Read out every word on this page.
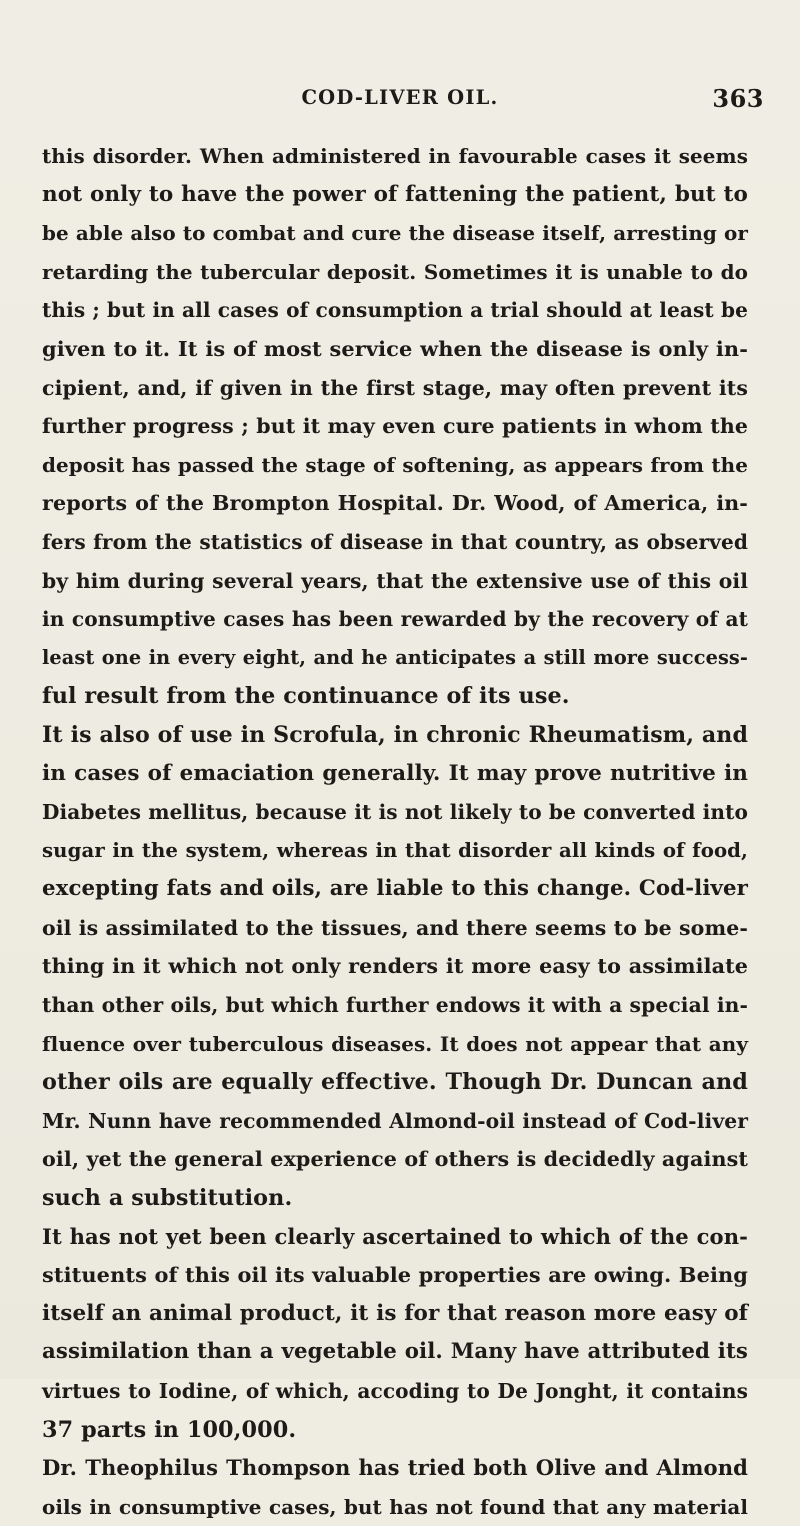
COD-LIVER OIL.	363
this disorder. When administered in favourable cases it seems
not only to have the power of fattening the patient, but to
be able also to combat and cure the disease itself, arresting or
retarding the tubercular deposit. Sometimes it is unable to do
this ; but in all cases of consumption a trial should at least be
given to it. It is of most service when the disease is only in-
cipient, and, if given in the first stage, may often prevent its
further progress ; but it may even cure patients in whom the
deposit has passed the stage of softening, as appears from the
reports of the Brompton Hospital. Dr. Wood, of America, in-
fers from the statistics of disease in that country, as observed
by him during several years, that the extensive use of this oil
in consumptive cases has been rewarded by the recovery of at
least one in every eight, and he anticipates a still more success-
ful result from the continuance of its use.
It is also of use in Scrofula, in chronic Rheumatism, and
in cases of emaciation generally. It may prove nutritive in
Diabetes mellitus, because it is not likely to be converted into
sugar in the system, whereas in that disorder all kinds of food,
excepting fats and oils, are liable to this change. Cod-liver
oil is assimilated to the tissues, and there seems to be some-
thing in it which not only renders it more easy to assimilate
than other oils, but which further endows it with a special in-
fluence over tuberculous diseases. It does not appear that any
other oils are equally effective. Though Dr. Duncan and
Mr. Nunn have recommended Almond-oil instead of Cod-liver
oil, yet the general experience of others is decidedly against
such a substitution.
It has not yet been clearly ascertained to which of the con-
stituents of this oil its valuable properties are owing. Being
itself an animal product, it is for that reason more easy of
assimilation than a vegetable oil. Many have attributed its
virtues to Iodine, of which, accoding to De Jonght, it contains
37 parts in 100,000.
Dr. Theophilus Thompson has tried both Olive and Almond
oils in consumptive cases, but has not found that any material
